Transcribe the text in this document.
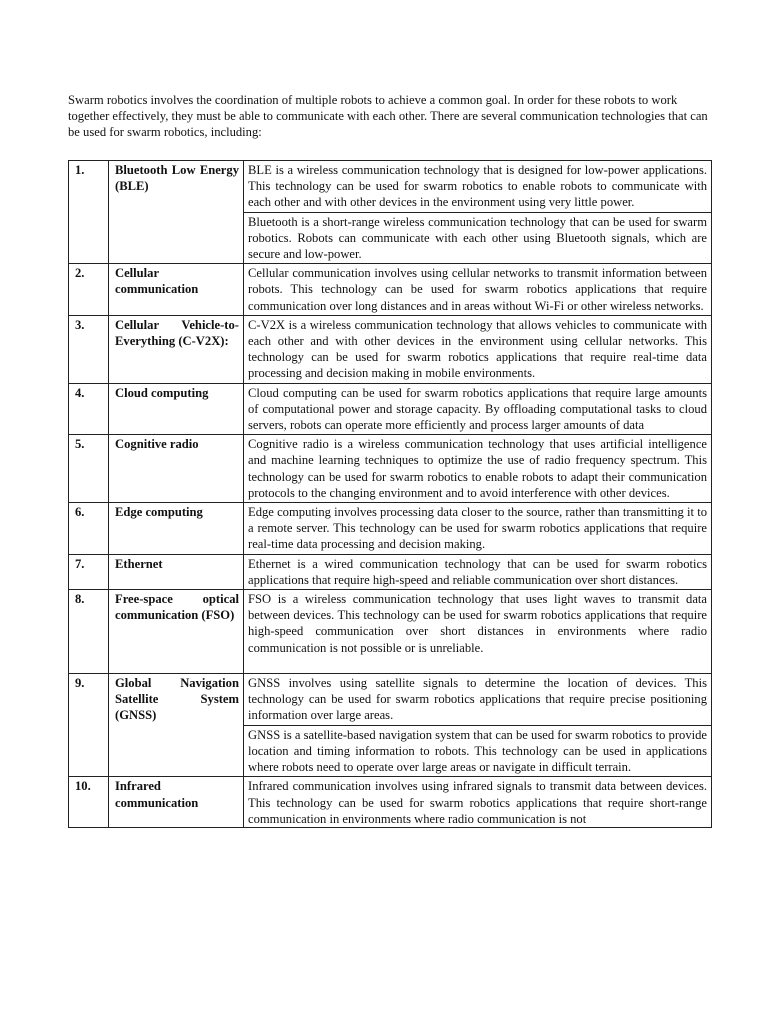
Swarm robotics involves the coordination of multiple robots to achieve a common goal. In order for these robots to work together effectively, they must be able to communicate with each other. There are several communication technologies that can be used for swarm robotics, including:

1.	Bluetooth Low Energy (BLE)	BLE is a wireless communication technology that is designed for low-power applications. This technology can be used for swarm robotics to enable robots to communicate with each other and with other devices in the environment using very little power.
		Bluetooth is a short-range wireless communication technology that can be used for swarm robotics. Robots can communicate with each other using Bluetooth signals, which are secure and low-power.
2.	Cellular communication	Cellular communication involves using cellular networks to transmit information between robots. This technology can be used for swarm robotics applications that require communication over long distances and in areas without Wi-Fi or other wireless networks.
3.	Cellular Vehicle-to-Everything (C-V2X):	C-V2X is a wireless communication technology that allows vehicles to communicate with each other and with other devices in the environment using cellular networks. This technology can be used for swarm robotics applications that require real-time data processing and decision making in mobile environments.
4.	Cloud computing	Cloud computing can be used for swarm robotics applications that require large amounts of computational power and storage capacity. By offloading computational tasks to cloud servers, robots can operate more efficiently and process larger amounts of data
5.	Cognitive radio	Cognitive radio is a wireless communication technology that uses artificial intelligence and machine learning techniques to optimize the use of radio frequency spectrum. This technology can be used for swarm robotics to enable robots to adapt their communication protocols to the changing environment and to avoid interference with other devices.
6.	Edge computing	Edge computing involves processing data closer to the source, rather than transmitting it to a remote server. This technology can be used for swarm robotics applications that require real-time data processing and decision making.
7.	Ethernet	Ethernet is a wired communication technology that can be used for swarm robotics applications that require high-speed and reliable communication over short distances.
8.	Free-space optical communication (FSO)	FSO is a wireless communication technology that uses light waves to transmit data between devices. This technology can be used for swarm robotics applications that require high-speed communication over short distances in environments where radio communication is not possible or is unreliable.
9.	Global Navigation Satellite System (GNSS)	GNSS involves using satellite signals to determine the location of devices. This technology can be used for swarm robotics applications that require precise positioning information over large areas.
		GNSS is a satellite-based navigation system that can be used for swarm robotics to provide location and timing information to robots. This technology can be used in applications where robots need to operate over large areas or navigate in difficult terrain.
10.	Infrared communication	Infrared communication involves using infrared signals to transmit data between devices. This technology can be used for swarm robotics applications that require short-range communication in environments where radio communication is not
